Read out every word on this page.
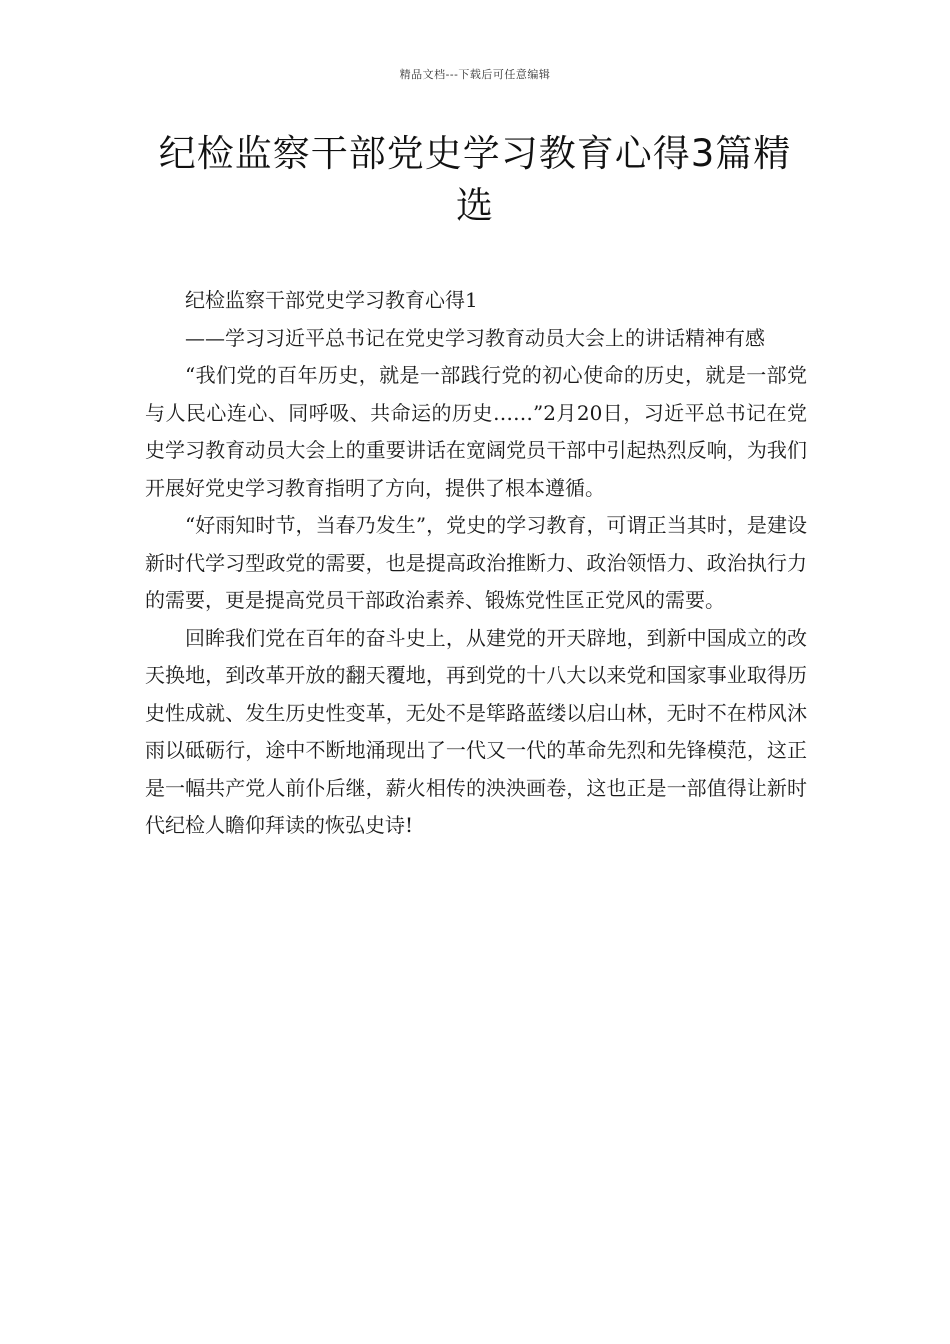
精品文档---下载后可任意编辑
纪检监察干部党史学习教育心得3篇精选

纪检监察干部党史学习教育心得1

——学习习近平总书记在党史学习教育动员大会上的讲话精神有感

“我们党的百年历史，就是一部践行党的初心使命的历史，就是一部党与人民心连心、同呼吸、共命运的历史……”2月20日，习近平总书记在党史学习教育动员大会上的重要讲话在宽阔党员干部中引起热烈反响，为我们开展好党史学习教育指明了方向，提供了根本遵循。

“好雨知时节，当春乃发生”，党史的学习教育，可谓正当其时，是建设新时代学习型政党的需要，也是提高政治推断力、政治领悟力、政治执行力的需要，更是提高党员干部政治素养、锻炼党性匡正党风的需要。

回眸我们党在百年的奋斗史上，从建党的开天辟地，到新中国成立的改天换地，到改革开放的翻天覆地，再到党的十八大以来党和国家事业取得历史性成就、发生历史性变革，无处不是筚路蓝缕以启山林，无时不在栉风沐雨以砥砺行，途中不断地涌现出了一代又一代的革命先烈和先锋模范，这正是一幅共产党人前仆后继，薪火相传的泱泱画卷，这也正是一部值得让新时代纪检人瞻仰拜读的恢弘史诗!
